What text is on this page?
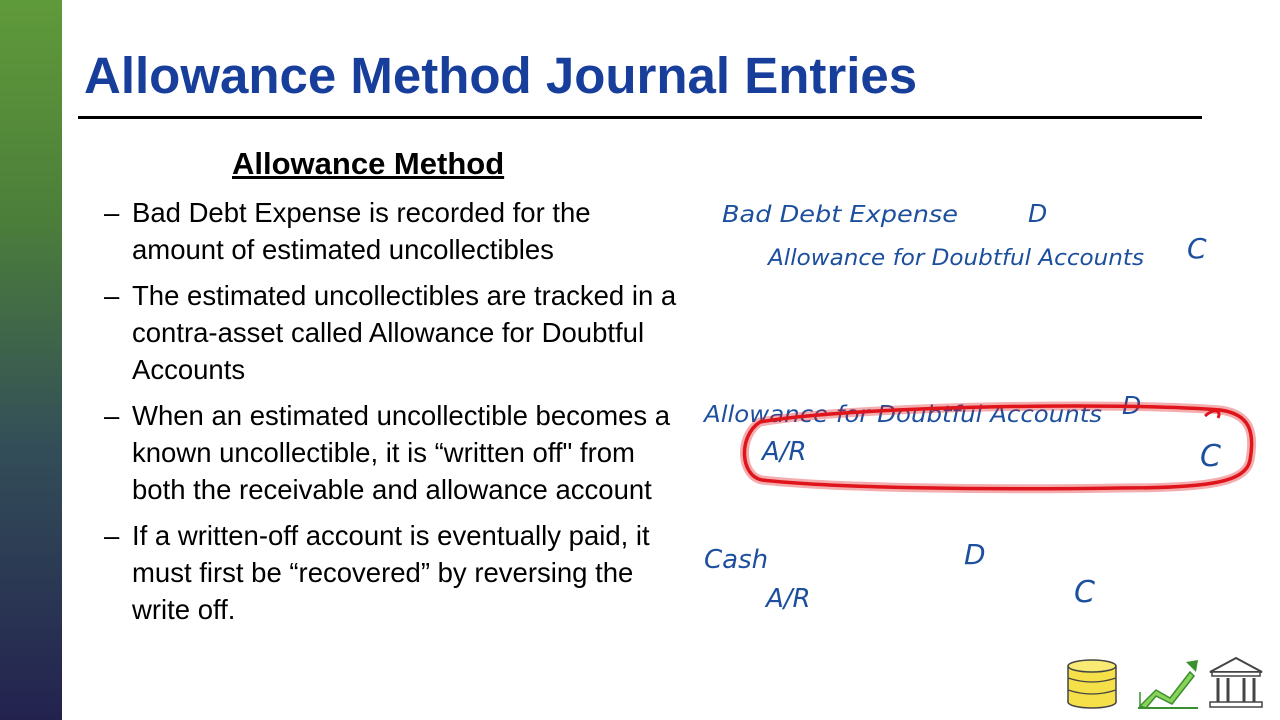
Allowance Method Journal Entries
Allowance Method
– Bad Debt Expense is recorded for the amount of estimated uncollectibles
– The estimated uncollectibles are tracked in a contra-asset called Allowance for Doubtful Accounts
– When an estimated uncollectible becomes a known uncollectible, it is “written off" from both the receivable and allowance account
– If a written-off account is eventually paid, it must first be “recovered” by reversing the write off.
Bad Debt Expense	D
Allowance for Doubtful Accounts C
Allowance for Doubtful Accounts D
A/R	C
Cash	D
A/R	C
